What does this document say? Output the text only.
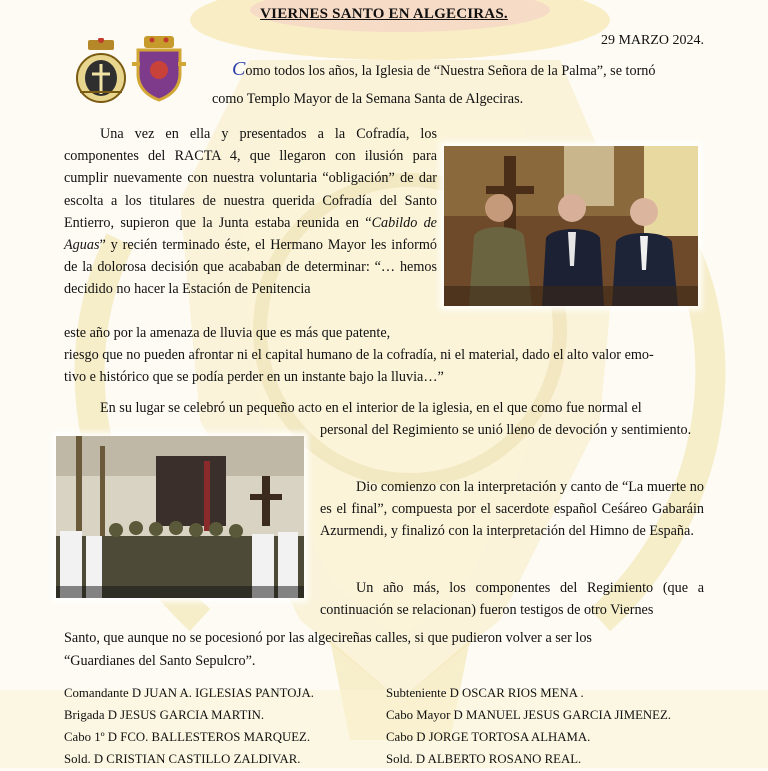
VIERNES SANTO EN ALGECIRAS.
29 MARZO 2024.
Como todos los años, la Iglesia de “Nuestra Señora de la Palma”, se tornó
como Templo Mayor de la Semana Santa de Algeciras.
Una vez en ella y presentados a la Cofradía, los componentes del RACTA 4, que llegaron con ilusión para cumplir nuevamente con nuestra voluntaria “obligación” de dar escolta a los titulares de nuestra querida Cofradía del Santo Entierro, supieron que la Junta estaba reunida en “Cabildo de Aguas” y recién terminado éste, el Hermano Mayor les informó de la dolorosa decisión que acababan de determinar: “… hemos decidido no hacer la Estación de Penitencia
este año por la amenaza de lluvia que es más que patente,
riesgo que no pueden afrontar ni el capital humano de la cofradía, ni el material, dado el alto valor emo-
tivo e histórico que se podía perder en un instante bajo la lluvia…”
En su lugar se celebró un pequeño acto en el interior de la iglesia, en el que como fue normal el
personal del Regimiento se unió lleno de devoción y sentimiento.
Dio comienzo con la interpretación y canto de “La muerte no es el final”, compuesta por el sacerdote español Ceśáreo Gabaráin Azurmendi, y finalizó con la interpretación del Himno de España.
Un año más, los componentes del Regimiento (que a continuación se relacionan) fueron testigos de otro Viernes
Santo, que aunque no se pocesionó por las algecireñas calles, si que pudieron volver a ser los
“Guardianes del Santo Sepulcro”.
Comandante D JUAN A. IGLESIAS PANTOJA.
Brigada D JESUS GARCIA MARTIN.
Cabo 1º D FCO. BALLESTEROS MARQUEZ.
Sold. D CRISTIAN CASTILLO ZALDIVAR.
Subteniente D OSCAR RIOS MENA .
Cabo Mayor D MANUEL JESUS GARCIA JIMENEZ.
Cabo D JORGE TORTOSA ALHAMA.
Sold. D ALBERTO ROSANO REAL.
